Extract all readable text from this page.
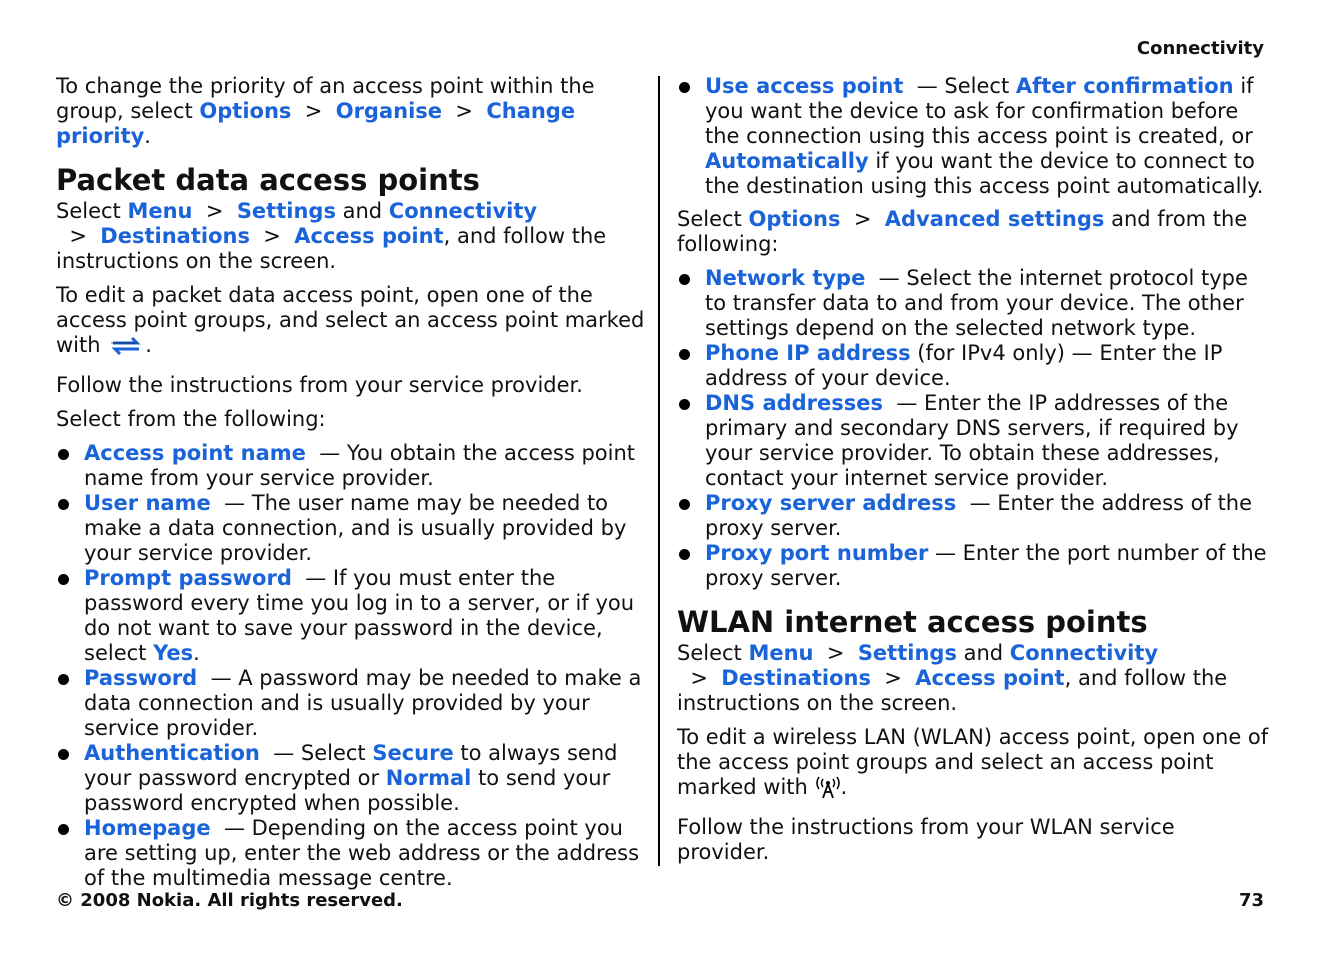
Connectivity

To change the priority of an access point within the group, select Options  >  Organise  >  Change priority.

Packet data access points

Select Menu  >  Settings and Connectivity  >  Destinations  >  Access point, and follow the instructions on the screen.

To edit a packet data access point, open one of the access point groups, and select an access point marked with .

Follow the instructions from your service provider.

Select from the following:

Access point name  — You obtain the access point name from your service provider.
User name  — The user name may be needed to make a data connection, and is usually provided by your service provider.
Prompt password  — If you must enter the password every time you log in to a server, or if you do not want to save your password in the device, select Yes.
Password  — A password may be needed to make a data connection and is usually provided by your service provider.
Authentication  — Select Secure to always send your password encrypted or Normal to send your password encrypted when possible.
Homepage  — Depending on the access point you are setting up, enter the web address or the address of the multimedia message centre.
Use access point  — Select After confirmation if you want the device to ask for confirmation before the connection using this access point is created, or Automatically if you want the device to connect to the destination using this access point automatically.

Select Options  >  Advanced settings and from the following:

Network type  — Select the internet protocol type to transfer data to and from your device. The other settings depend on the selected network type.
Phone IP address (for IPv4 only) — Enter the IP address of your device.
DNS addresses  — Enter the IP addresses of the primary and secondary DNS servers, if required by your service provider. To obtain these addresses, contact your internet service provider.
Proxy server address  — Enter the address of the proxy server.
Proxy port number — Enter the port number of the proxy server.
WLAN internet access points

Select Menu  >  Settings and Connectivity  >  Destinations  >  Access point, and follow the instructions on the screen.

To edit a wireless LAN (WLAN) access point, open one of the access point groups and select an access point marked with .

Follow the instructions from your WLAN service provider.

© 2008 Nokia. All rights reserved.	73
